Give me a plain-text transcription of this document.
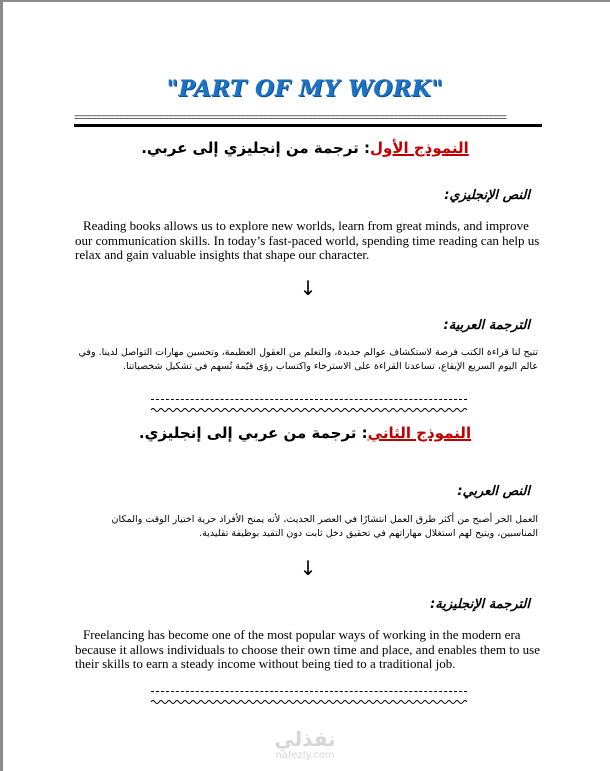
"PART OF MY WORK"
================================================================================================
النموذج الأول: ترجمة من إنجليزي إلى عربي.
النص الإنجليزي:
Reading books allows us to explore new worlds, learn from great minds, and improve our communication skills. In today’s fast-paced world, spending time reading can help us relax and gain valuable insights that shape our character.
↓
الترجمة العربية:
تتيح لنا قراءة الكتب فرصة لاستكشاف عوالم جديدة، والتعلم من العقول العظيمة، وتحسين مهارات التواصل لدينا. وفي عالم اليوم السريع الإيقاع، تساعدنا القراءة على الاسترخاء واكتساب رؤى قيّمة تُسهم في تشكيل شخصياتنا.
النموذج الثاني: ترجمة من عربي إلى إنجليزي.
النص العربي:
العمل الحر أصبح من أكثر طرق العمل انتشارًا في العصر الحديث، لأنه يمنح الأفراد حرية اختيار الوقت والمكان المناسبين، ويتيح لهم استغلال مهاراتهم في تحقيق دخل ثابت دون التقيد بوظيفة تقليدية.
↓
الترجمة الإنجليزية:
Freelancing has become one of the most popular ways of working in the modern era because it allows individuals to choose their own time and place, and enables them to use their skills to earn a steady income without being tied to a traditional job.
نفذلي
nafezly.com
